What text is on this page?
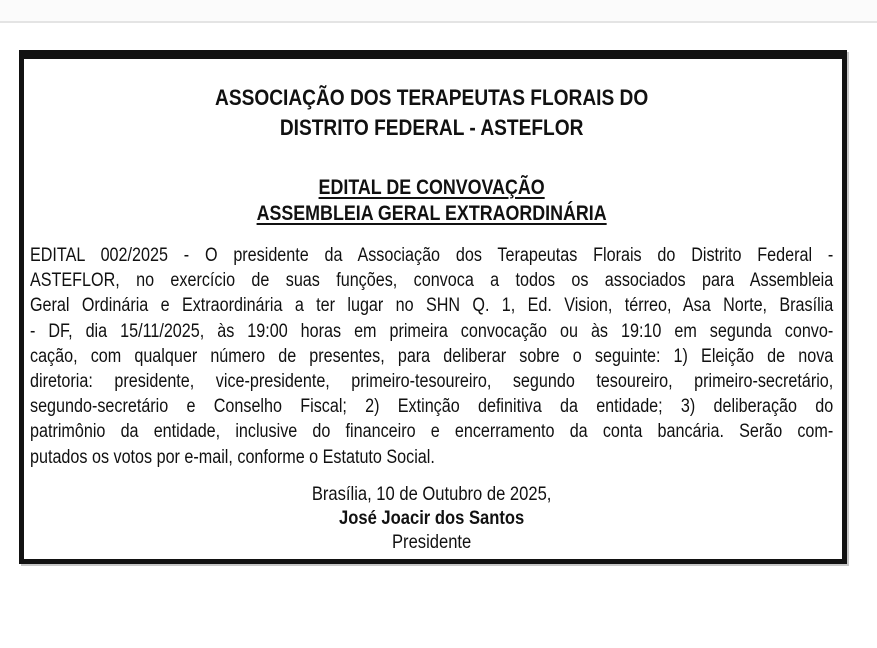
ASSOCIAÇÃO DOS TERAPEUTAS FLORAIS DO
DISTRITO FEDERAL - ASTEFLOR
EDITAL DE CONVOVAÇÃO
ASSEMBLEIA GERAL EXTRAORDINÁRIA
EDITAL 002/2025 - O presidente da Associação dos Terapeutas Florais do Distrito Federal -
ASTEFLOR, no exercício de suas funções, convoca a todos os associados para Assembleia
Geral Ordinária e Extraordinária a ter lugar no SHN Q. 1, Ed. Vision, térreo, Asa Norte, Brasília
- DF, dia 15/11/2025, às 19:00 horas em primeira convocação ou às 19:10 em segunda convo-
cação, com qualquer número de presentes, para deliberar sobre o seguinte: 1) Eleição de nova
diretoria: presidente, vice-presidente, primeiro-tesoureiro, segundo tesoureiro, primeiro-secretário,
segundo-secretário e Conselho Fiscal; 2) Extinção definitiva da entidade; 3) deliberação do
patrimônio da entidade, inclusive do financeiro e encerramento da conta bancária. Serão com-
putados os votos por e-mail, conforme o Estatuto Social.
Brasília, 10 de Outubro de 2025,
José Joacir dos Santos
Presidente
